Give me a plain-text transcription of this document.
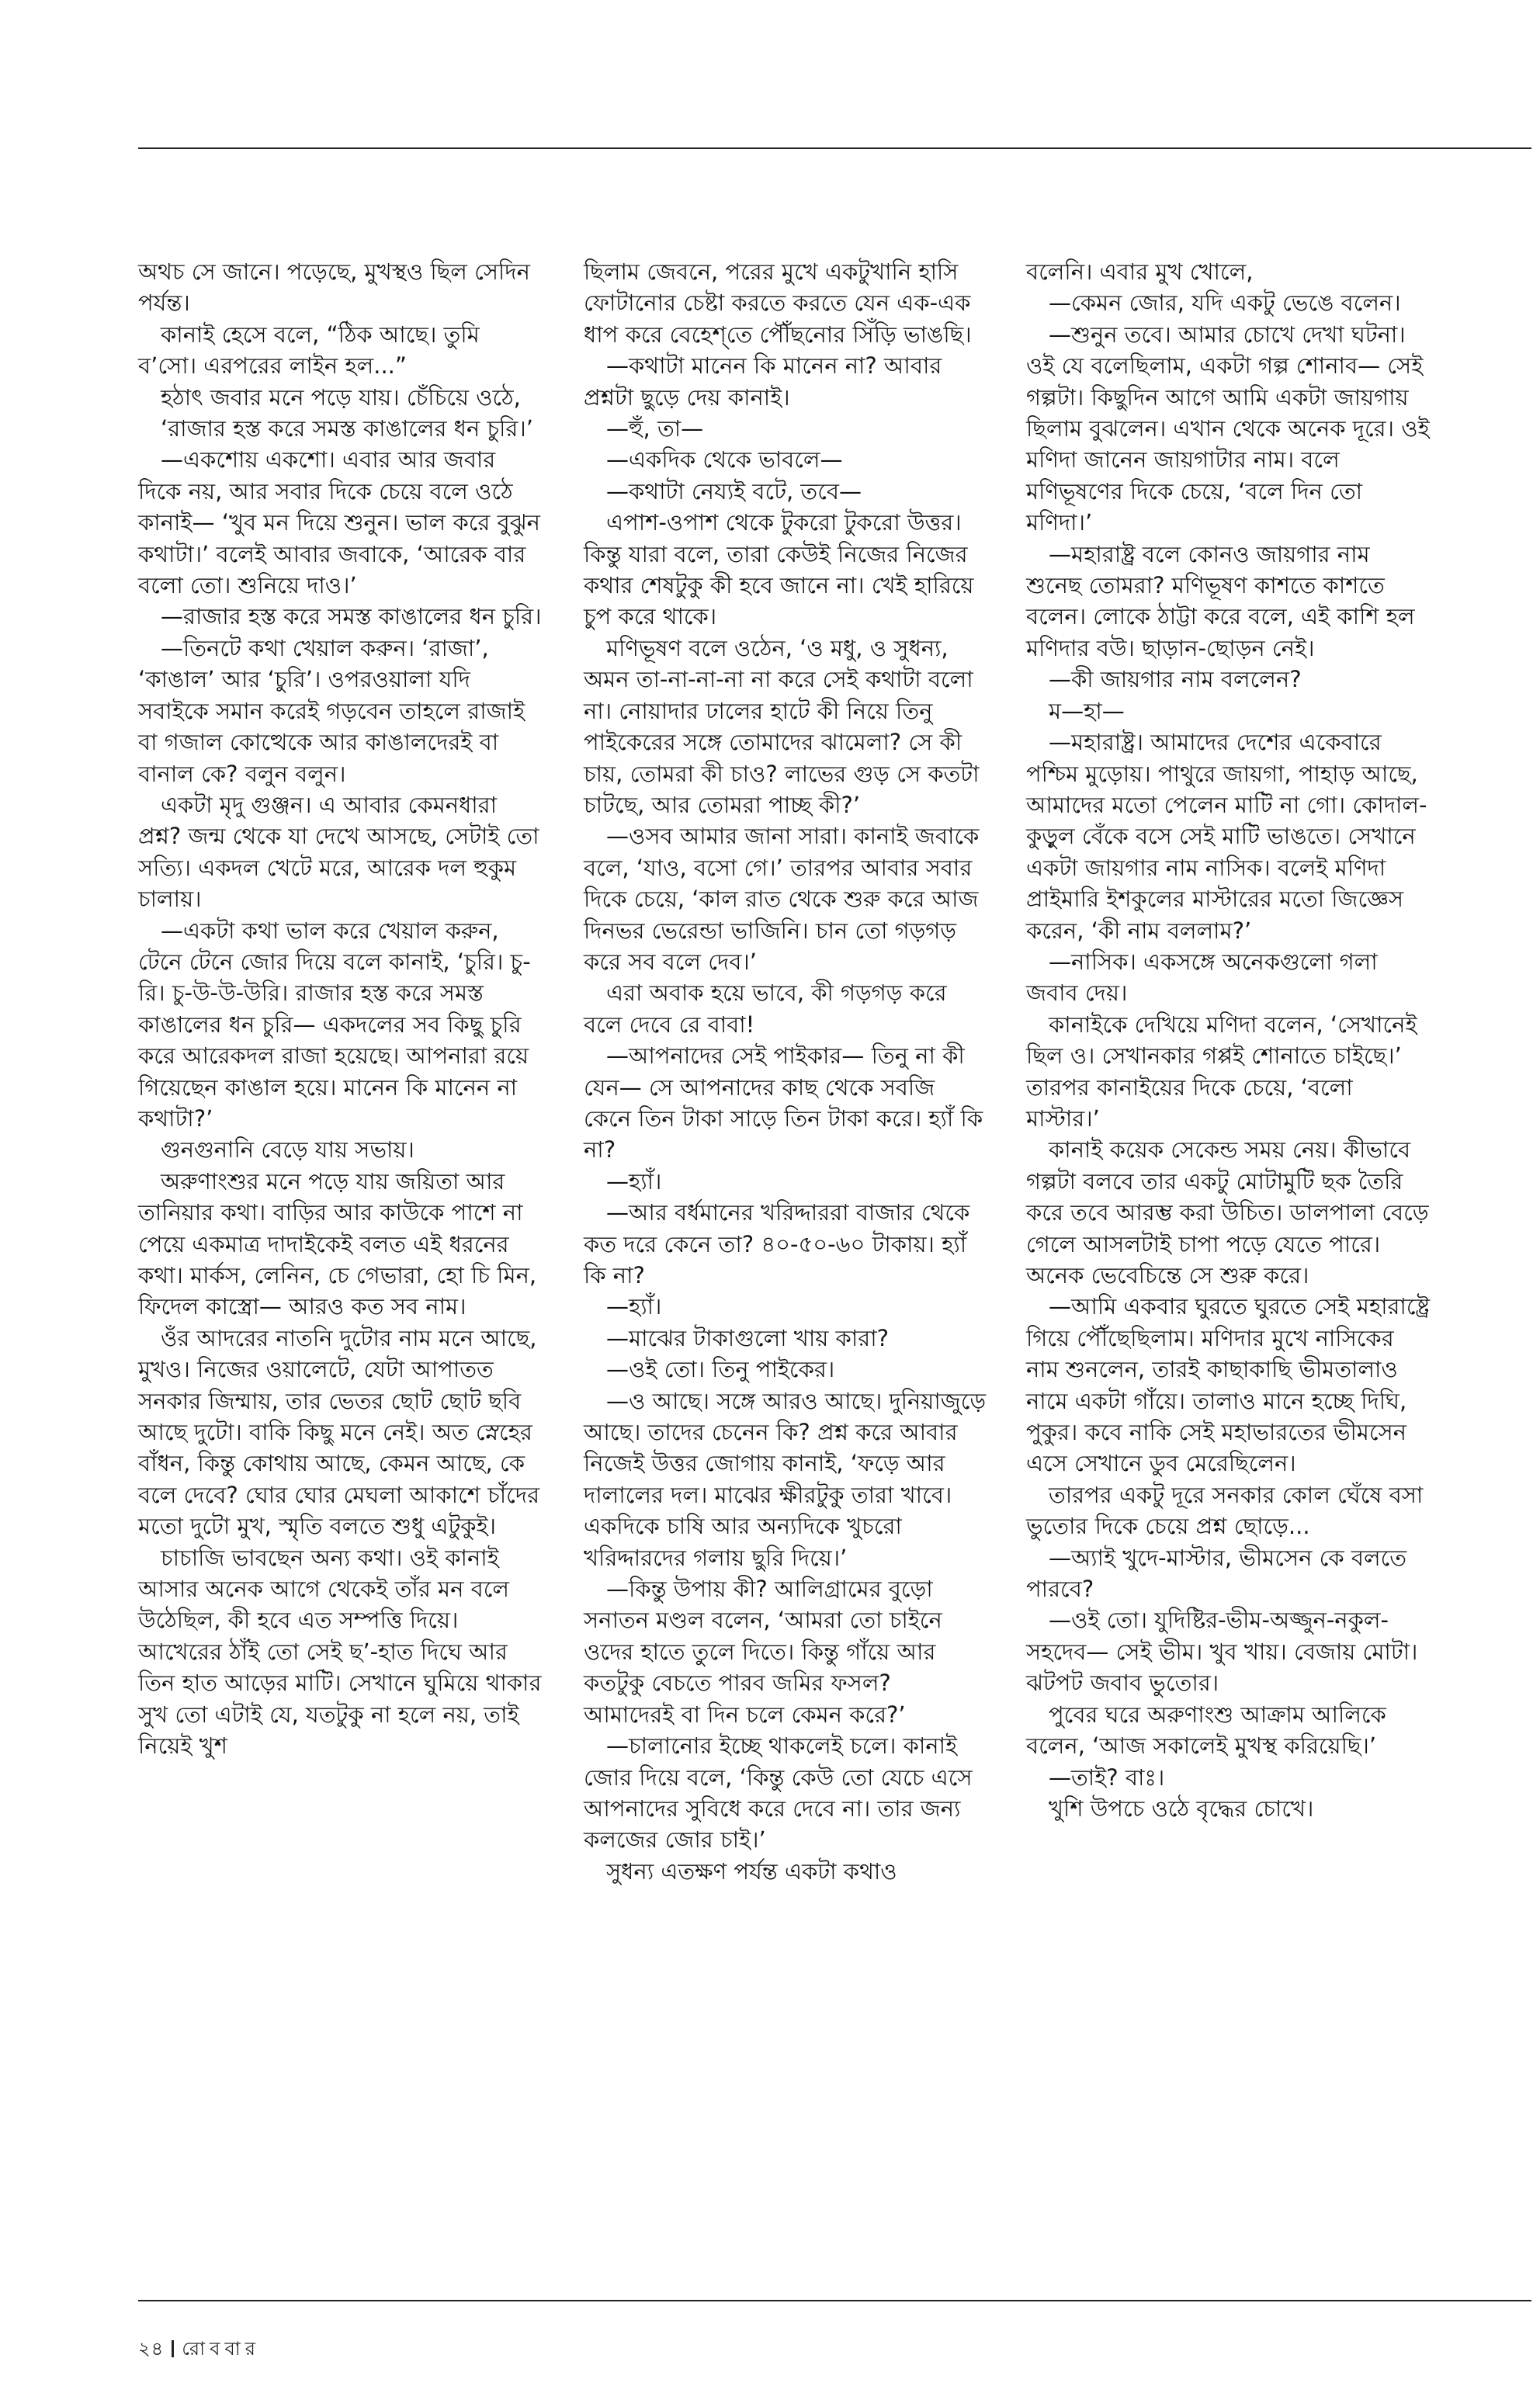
অথচ সে জানে। পড়েছে, মুখস্থও ছিল সেদিন পর্যন্ত।

কানাই হেসে বলে, “ঠিক আছে। তুমি ব’সো। এরপরের লাইন হল...”

হঠাৎ জবার মনে পড়ে যায়। চেঁচিয়ে ওঠে,

‘রাজার হস্ত করে সমস্ত কাঙালের ধন চুরি।’

—একশোয় একশো। এবার আর জবার দিকে নয়, আর সবার দিকে চেয়ে বলে ওঠে কানাই— ‘খুব মন দিয়ে শুনুন। ভাল করে বুঝুন কথাটা।’ বলেই আবার জবাকে, ‘আরেক বার বলো তো। শুনিয়ে দাও।’

—রাজার হস্ত করে সমস্ত কাঙালের ধন চুরি।

—তিনটে কথা খেয়াল করুন। ‘রাজা’, ‘কাঙাল’ আর ‘চুরি’। ওপরওয়ালা যদি সবাইকে সমান করেই গড়বেন তাহলে রাজাই বা গজাল কোত্থেকে আর কাঙালদেরই বা বানাল কে? বলুন বলুন।

একটা মৃদু গুঞ্জন। এ আবার কেমনধারা প্রশ্ন? জন্ম থেকে যা দেখে আসছে, সেটাই তো সত্যি। একদল খেটে মরে, আরেক দল হুকুম চালায়।

—একটা কথা ভাল করে খেয়াল করুন, টেনে টেনে জোর দিয়ে বলে কানাই, ‘চুরি। চু-রি। চু-উ-উ-উরি। রাজার হস্ত করে সমস্ত কাঙালের ধন চুরি— একদলের সব কিছু চুরি করে আরেকদল রাজা হয়েছে। আপনারা রয়ে গিয়েছেন কাঙাল হয়ে। মানেন কি মানেন না কথাটা?’

গুনগুনানি বেড়ে যায় সভায়।

অরুণাংশুর মনে পড়ে যায় জয়িতা আর তানিয়ার কথা। বাড়ির আর কাউকে পাশে না পেয়ে একমাত্র দাদাইকেই বলত এই ধরনের কথা। মার্কস, লেনিন, চে গেভারা, হো চি মিন, ফিদেল কাস্ত্রো— আরও কত সব নাম।

ওঁর আদরের নাতনি দুটোর নাম মনে আছে, মুখও। নিজের ওয়ালেটে, যেটা আপাতত সনকার জিম্মায়, তার ভেতর ছোট ছোট ছবি আছে দুটো। বাকি কিছু মনে নেই। অত স্নেহের বাঁধন, কিন্তু কোথায় আছে, কেমন আছে, কে বলে দেবে? ঘোর ঘোর মেঘলা আকাশে চাঁদের মতো দুটো মুখ, স্মৃতি বলতে শুধু এটুকুই।

চাচাজি ভাবছেন অন্য কথা। ওই কানাই আসার অনেক আগে থেকেই তাঁর মন বলে উঠেছিল, কী হবে এত সম্পত্তি দিয়ে। আখেরের ঠাঁই তো সেই ছ’-হাত দিঘে আর তিন হাত আড়ের মাটি। সেখানে ঘুমিয়ে থাকার সুখ তো এটাই যে, যতটুকু না হলে নয়, তাই নিয়েই খুশ

ছিলাম জেবনে, পরের মুখে একটুখানি হাসি ফোটানোর চেষ্টা করতে করতে যেন এক-এক ধাপ করে বেহেশ্‌তে পৌঁছনোর সিঁড়ি ভাঙছি।

—কথাটা মানেন কি মানেন না? আবার প্রশ্নটা ছুড়ে দেয় কানাই।

—হুঁ, তা—

—একদিক থেকে ভাবলে—

—কথাটা নেয্যই বটে, তবে—

এপাশ-ওপাশ থেকে টুকরো টুকরো উত্তর। কিন্তু যারা বলে, তারা কেউই নিজের নিজের কথার শেষটুকু কী হবে জানে না। খেই হারিয়ে চুপ করে থাকে।

মণিভূষণ বলে ওঠেন, ‘ও মধু, ও সুধন্য, অমন তা-না-না-না না করে সেই কথাটা বলো না। নোয়াদার ঢালের হাটে কী নিয়ে তিনু পাইকেরের সঙ্গে তোমাদের ঝামেলা? সে কী চায়, তোমরা কী চাও? লাভের গুড় সে কতটা চাটছে, আর তোমরা পাচ্ছ কী?’

—ওসব আমার জানা সারা। কানাই জবাকে বলে, ‘যাও, বসো গে।’ তারপর আবার সবার দিকে চেয়ে, ‘কাল রাত থেকে শুরু করে আজ দিনভর ভেরেন্ডা ভাজিনি। চান তো গড়গড় করে সব বলে দেব।’

এরা অবাক হয়ে ভাবে, কী গড়গড় করে বলে দেবে রে বাবা!

—আপনাদের সেই পাইকার— তিনু না কী যেন— সে আপনাদের কাছ থেকে সবজি কেনে তিন টাকা সাড়ে তিন টাকা করে। হ্যাঁ কি না?

—হ্যাঁ।

—আর বর্ধমানের খরিদ্দাররা বাজার থেকে কত দরে কেনে তা? ৪০-৫০-৬০ টাকায়। হ্যাঁ কি না?

—হ্যাঁ।

—মাঝের টাকাগুলো খায় কারা?

—ওই তো। তিনু পাইকের।

—ও আছে। সঙ্গে আরও আছে। দুনিয়াজুড়ে আছে। তাদের চেনেন কি? প্রশ্ন করে আবার নিজেই উত্তর জোগায় কানাই, ‘ফড়ে আর দালালের দল। মাঝের ক্ষীরটুকু তারা খাবে। একদিকে চাষি আর অন্যদিকে খুচরো খরিদ্দারদের গলায় ছুরি দিয়ে।’

—কিন্তু উপায় কী? আলিগ্রামের বুড়ো সনাতন মণ্ডল বলেন, ‘আমরা তো চাইনে ওদের হাতে তুলে দিতে। কিন্তু গাঁয়ে আর কতটুকু বেচতে পারব জমির ফসল? আমাদেরই বা দিন চলে কেমন করে?’

—চালানোর ইচ্ছে থাকলেই চলে। কানাই জোর দিয়ে বলে, ‘কিন্তু কেউ তো যেচে এসে আপনাদের সুবিধে করে দেবে না। তার জন্য কলজের জোর চাই।’

সুধন্য এতক্ষণ পর্যন্ত একটা কথাও

বলেনি। এবার মুখ খোলে,

—কেমন জোর, যদি একটু ভেঙে বলেন।

—শুনুন তবে। আমার চোখে দেখা ঘটনা। ওই যে বলেছিলাম, একটা গল্প শোনাব— সেই গল্পটা। কিছুদিন আগে আমি একটা জায়গায় ছিলাম বুঝলেন। এখান থেকে অনেক দূরে। ওই মণিদা জানেন জায়গাটার নাম। বলে মণিভূষণের দিকে চেয়ে, ‘বলে দিন তো মণিদা।’

—মহারাষ্ট্র বলে কোনও জায়গার নাম শুনেছ তোমরা? মণিভূষণ কাশতে কাশতে বলেন। লোকে ঠাট্টা করে বলে, এই কাশি হল মণিদার বউ। ছাড়ান-ছোড়ন নেই।

—কী জায়গার নাম বললেন?

ম—হা—

—মহারাষ্ট্র। আমাদের দেশের একেবারে পশ্চিম মুড়োয়। পাথুরে জায়গা, পাহাড় আছে, আমাদের মতো পেলেন মাটি না গো। কোদাল-কুড়ুল বেঁকে বসে সেই মাটি ভাঙতে। সেখানে একটা জায়গার নাম নাসিক। বলেই মণিদা প্রাইমারি ইশকুলের মাস্টারের মতো জিজ্ঞেস করেন, ‘কী নাম বললাম?’

—নাসিক। একসঙ্গে অনেকগুলো গলা জবাব দেয়।

কানাইকে দেখিয়ে মণিদা বলেন, ‘সেখানেই ছিল ও। সেখানকার গপ্পই শোনাতে চাইছে।’ তারপর কানাইয়ের দিকে চেয়ে, ‘বলো মাস্টার।’

কানাই কয়েক সেকেন্ড সময় নেয়। কীভাবে গল্পটা বলবে তার একটু মোটামুটি ছক তৈরি করে তবে আরম্ভ করা উচিত। ডালপালা বেড়ে গেলে আসলটাই চাপা পড়ে যেতে পারে। অনেক ভেবেচিন্তে সে শুরু করে।

—আমি একবার ঘুরতে ঘুরতে সেই মহারাষ্ট্রে গিয়ে পৌঁছেছিলাম। মণিদার মুখে নাসিকের নাম শুনলেন, তারই কাছাকাছি ভীমতালাও নামে একটা গাঁয়ে। তালাও মানে হচ্ছে দিঘি, পুকুর। কবে নাকি সেই মহাভারতের ভীমসেন এসে সেখানে ডুব মেরেছিলেন।

তারপর একটু দূরে সনকার কোল ঘেঁষে বসা ভুতোর দিকে চেয়ে প্রশ্ন ছোড়ে...

—অ্যাই খুদে-মাস্টার, ভীমসেন কে বলতে পারবে?

—ওই তো। যুদিষ্টির-ভীম-অজ্জুন-নকুল-সহদেব— সেই ভীম। খুব খায়। বেজায় মোটা। ঝটপট জবাব ভুতোর।

পুবের ঘরে অরুণাংশু আক্রাম আলিকে বলেন, ‘আজ সকালেই মুখস্থ করিয়েছি।’

—তাই? বাঃ।

খুশি উপচে ওঠে বৃদ্ধের চোখে।

২৪ রোববার
